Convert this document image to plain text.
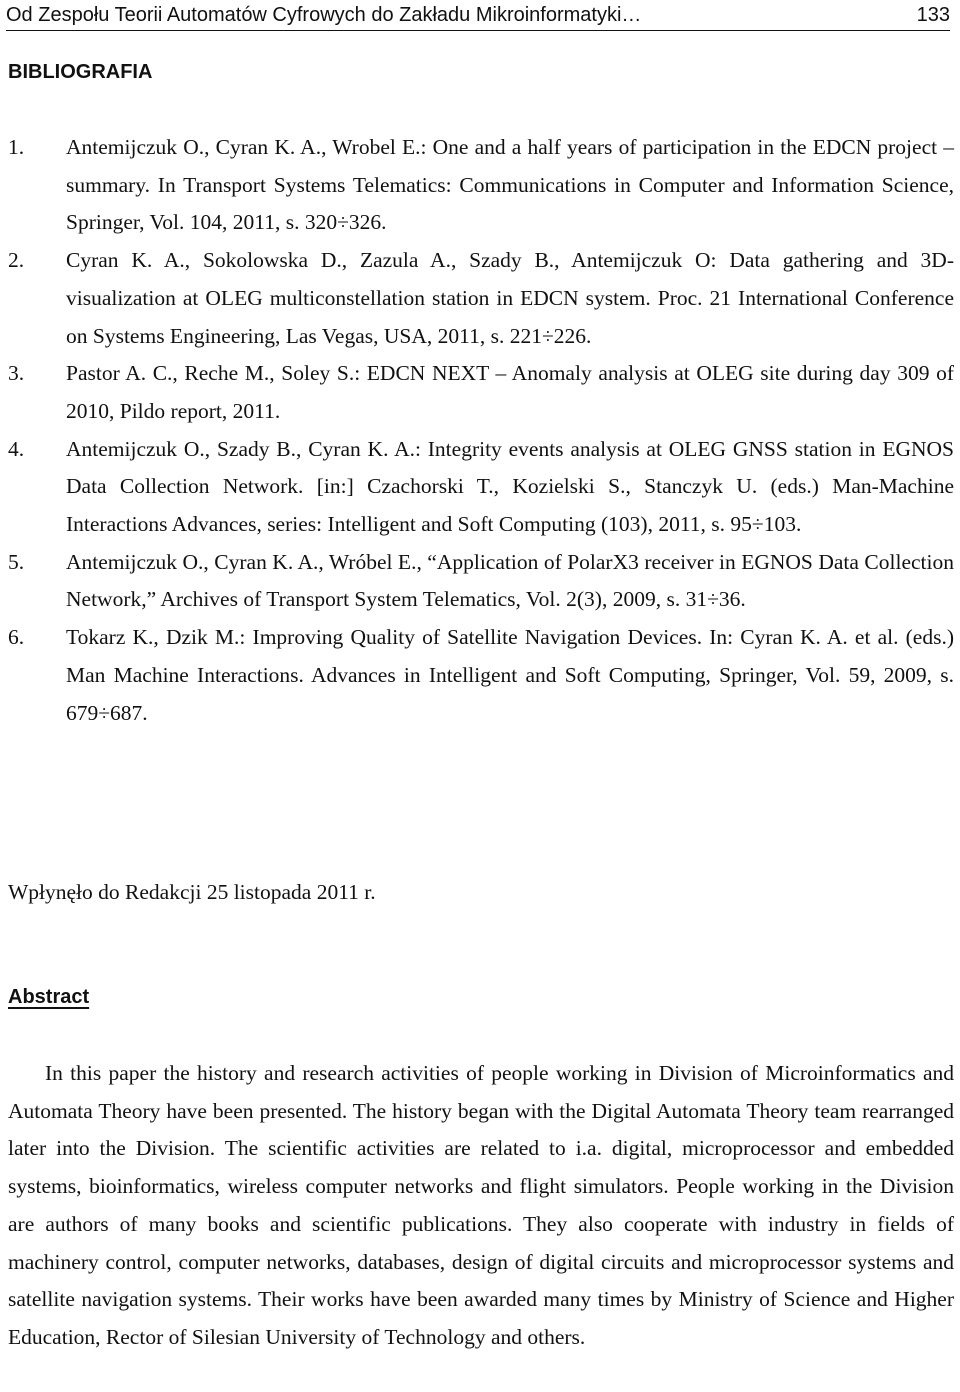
Od Zespołu Teorii Automatów Cyfrowych do Zakładu Mikroinformatyki…	133
BIBLIOGRAFIA
1.	Antemijczuk O., Cyran K. A., Wrobel E.: One and a half years of participation in the EDCN project – summary. In Transport Systems Telematics: Communications in Computer and Information Science, Springer, Vol. 104, 2011, s. 320÷326.
2.	Cyran K. A., Sokolowska D., Zazula A., Szady B., Antemijczuk O: Data gathering and 3D-visualization at OLEG multiconstellation station in EDCN system. Proc. 21 International Conference on Systems Engineering, Las Vegas, USA, 2011, s. 221÷226.
3.	Pastor A. C., Reche M., Soley S.: EDCN NEXT – Anomaly analysis at OLEG site during day 309 of 2010, Pildo report, 2011.
4.	Antemijczuk O., Szady B., Cyran K. A.: Integrity events analysis at OLEG GNSS station in EGNOS Data Collection Network. [in:] Czachorski T., Kozielski S., Stanczyk U. (eds.) Man-Machine Interactions Advances, series: Intelligent and Soft Computing (103), 2011, s. 95÷103.
5.	Antemijczuk O., Cyran K. A., Wróbel E., “Application of PolarX3 receiver in EGNOS Data Collection Network,” Archives of Transport System Telematics, Vol. 2(3), 2009, s. 31÷36.
6.	Tokarz K., Dzik M.: Improving Quality of Satellite Navigation Devices. In: Cyran K. A. et al. (eds.) Man Machine Interactions. Advances in Intelligent and Soft Computing, Springer, Vol. 59, 2009, s. 679÷687.
Wpłynęło do Redakcji 25 listopada 2011 r.
Abstract

In this paper the history and research activities of people working in Division of Microinformatics and Automata Theory have been presented. The history began with the Digital Automata Theory team rearranged later into the Division. The scientific activities are related to i.a. digital, microprocessor and embedded systems, bioinformatics, wireless computer networks and flight simulators. People working in the Division are authors of many books and scientific publications. They also cooperate with industry in fields of machinery control, computer networks, databases, design of digital circuits and microprocessor systems and satellite navigation systems. Their works have been awarded many times by Ministry of Science and Higher Education, Rector of Silesian University of Technology and others.
